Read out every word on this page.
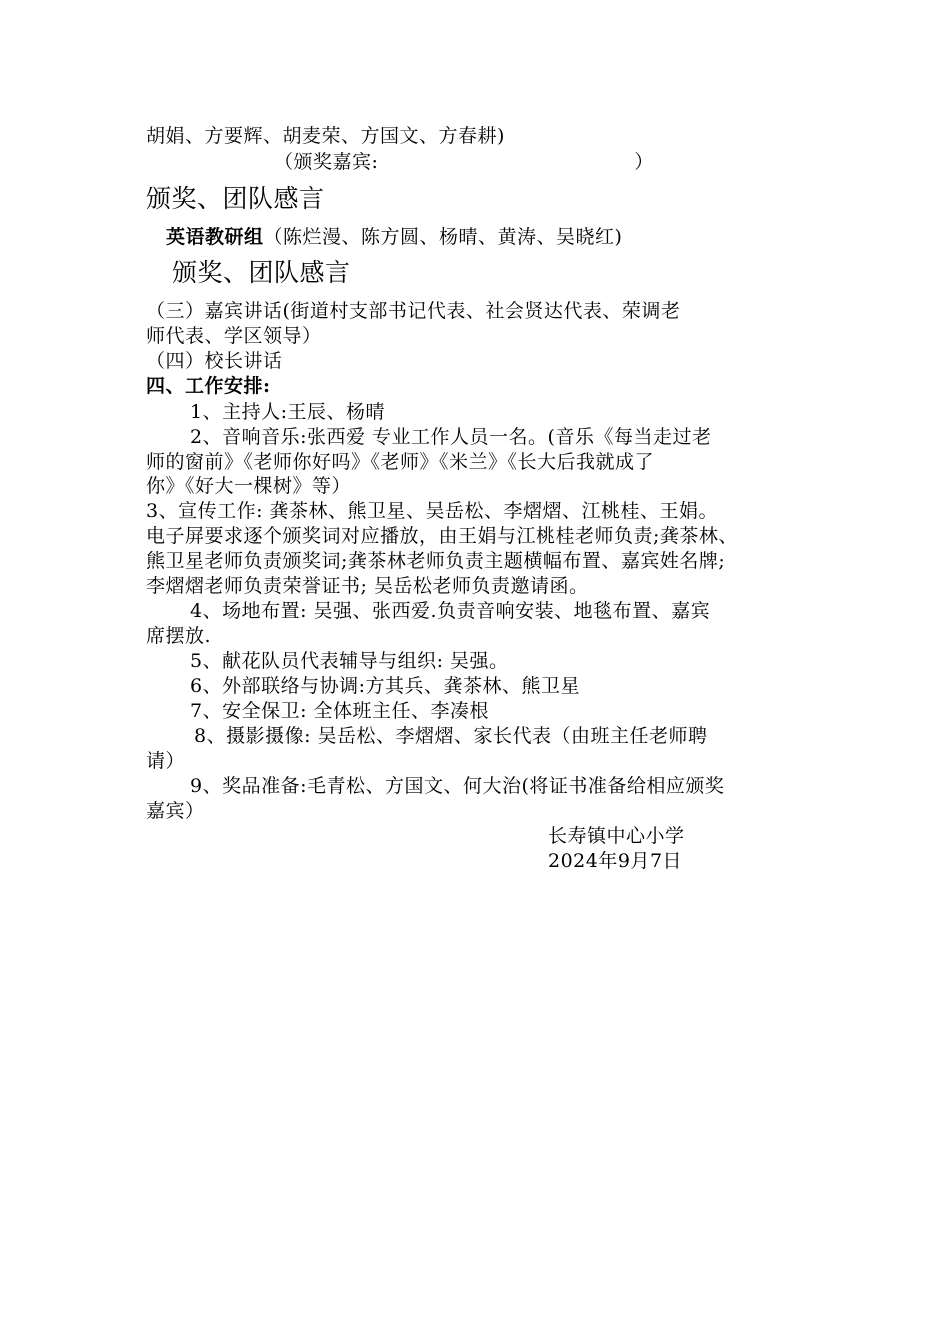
胡娟、方要辉、胡麦荣、方国文、方春耕)
（颁奖嘉宾:	）
颁奖、团队感言
英语教研组（陈烂漫、陈方圆、杨晴、黄涛、吴晓红)
颁奖、团队感言
（三）嘉宾讲话(街道村支部书记代表、社会贤达代表、荣调老
师代表、学区领导）
（四）校长讲话
四、工作安排:
1、主持人:王辰、杨晴
2、音响音乐:张西爱 专业工作人员一名。(音乐《每当走过老
师的窗前》《老师你好吗》《老师》《米兰》《长大后我就成了
你》《好大一棵树》等）
3、宣传工作: 龚茶林、熊卫星、吴岳松、李熠熠、江桃桂、王娟。
电子屏要求逐个颁奖词对应播放，由王娟与江桃桂老师负责;龚茶林、
熊卫星老师负责颁奖词;龚茶林老师负责主题横幅布置、嘉宾姓名牌;
李熠熠老师负责荣誉证书; 吴岳松老师负责邀请函。
4、场地布置: 吴强、张西爱.负责音响安装、地毯布置、嘉宾
席摆放.
5、献花队员代表辅导与组织: 吴强。
6、外部联络与协调:方其兵、龚茶林、熊卫星
7、安全保卫: 全体班主任、李凑根
8、摄影摄像: 吴岳松、李熠熠、家长代表（由班主任老师聘
请）
9、奖品准备:毛青松、方国文、何大治(将证书准备给相应颁奖
嘉宾）
长寿镇中心小学
2024年9月7日
